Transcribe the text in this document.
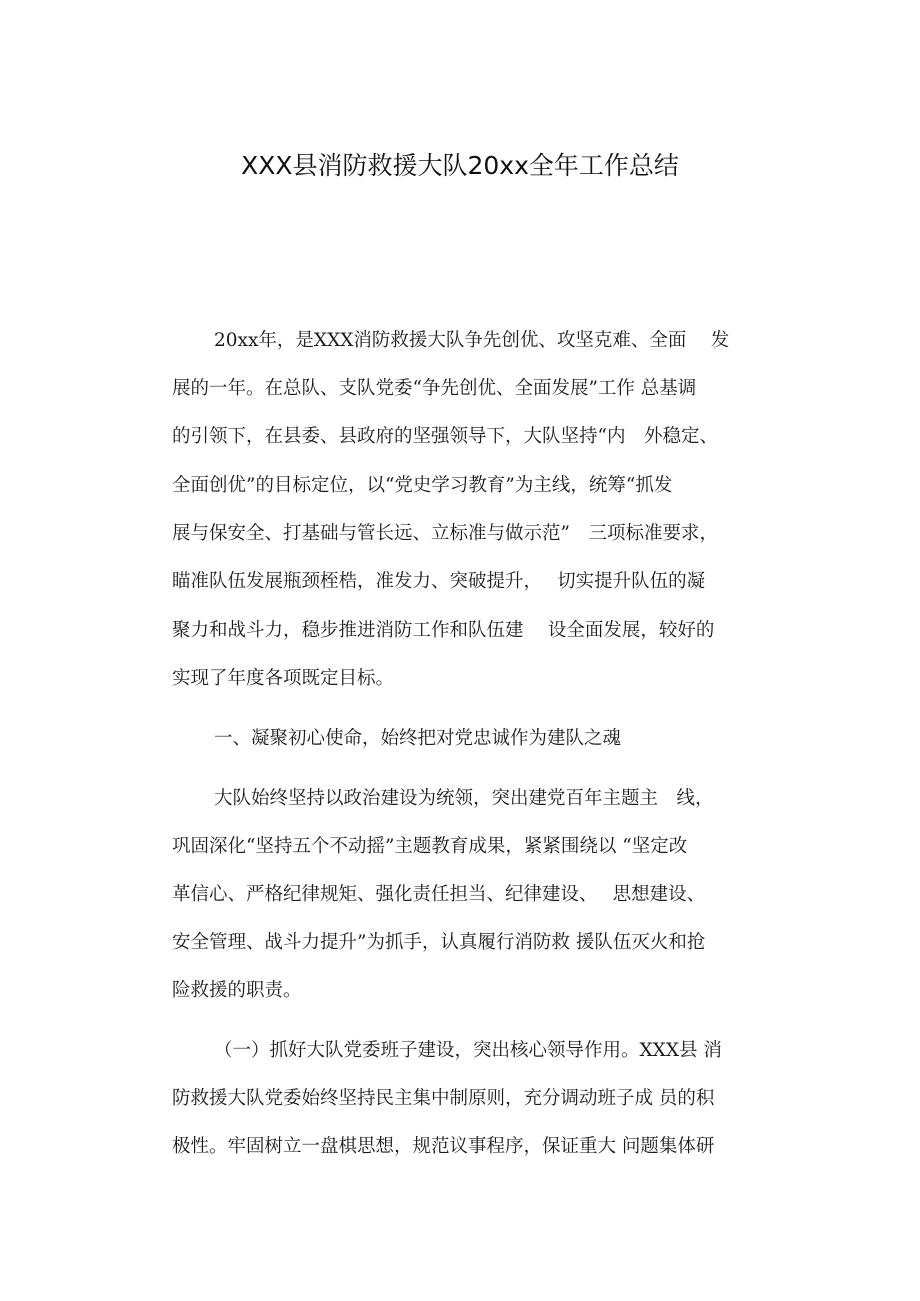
XXX县消防救援大队20xx全年工作总结

20xx年，是XXX消防救援大队争先创优、攻坚克难、全面　 发

展的一年。在总队、支队党委“争先创优、全面发展”工作 总基调

的引领下，在县委、县政府的坚强领导下，大队坚持“内　外稳定、

全面创优”的目标定位，以“党史学习教育”为主线，统筹“抓发

展与保安全、打基础与管长远、立标准与做示范”　三项标准要求，

瞄准队伍发展瓶颈桎梏，准发力、突破提升，　 切实提升队伍的凝

聚力和战斗力，稳步推进消防工作和队伍建　 设全面发展，较好的

实现了年度各项既定目标。

一、凝聚初心使命，始终把对党忠诚作为建队之魂

大队始终坚持以政治建设为统领，突出建党百年主题主　线，

巩固深化“坚持五个不动摇”主题教育成果，紧紧围绕以 “坚定改

革信心、严格纪律规矩、强化责任担当、纪律建设、　 思想建设、

安全管理、战斗力提升”为抓手，认真履行消防救 援队伍灭火和抢

险救援的职责。

（一）抓好大队党委班子建设，突出核心领导作用。XXX县 消

防救援大队党委始终坚持民主集中制原则，充分调动班子成 员的积

极性。牢固树立一盘棋思想，规范议事程序，保证重大 问题集体研
